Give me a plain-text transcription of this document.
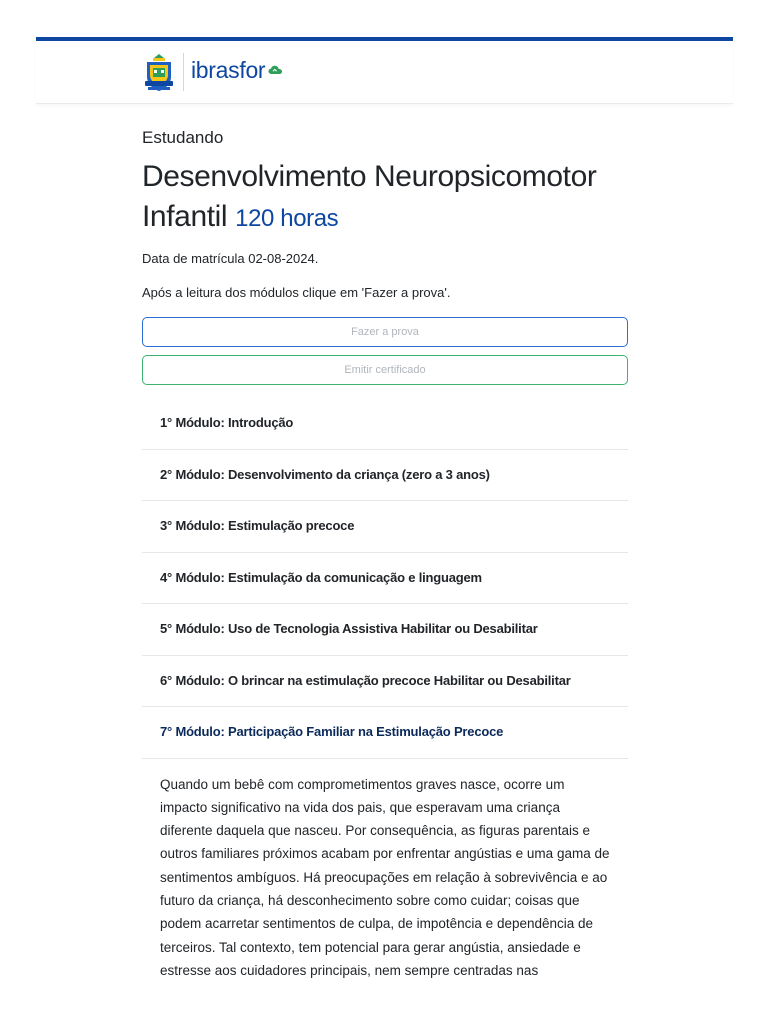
ibrasfor

Estudando

Desenvolvimento Neuropsicomotor Infantil 120 horas

Data de matrícula 02-08-2024.

Após a leitura dos módulos clique em 'Fazer a prova'.

Fazer a prova
Emitir certificado
1° Módulo: Introdução
2° Módulo: Desenvolvimento da criança (zero a 3 anos)
3° Módulo: Estimulação precoce
4° Módulo: Estimulação da comunicação e linguagem
5° Módulo: Uso de Tecnologia Assistiva Habilitar ou Desabilitar
6° Módulo: O brincar na estimulação precoce Habilitar ou Desabilitar
7° Módulo: Participação Familiar na Estimulação Precoce

Quando um bebê com comprometimentos graves nasce, ocorre um impacto significativo na vida dos pais, que esperavam uma criança diferente daquela que nasceu. Por consequência, as figuras parentais e outros familiares próximos acabam por enfrentar angústias e uma gama de sentimentos ambíguos. Há preocupações em relação à sobrevivência e ao futuro da criança, há desconhecimento sobre como cuidar; coisas que podem acarretar sentimentos de culpa, de impotência e dependência de terceiros. Tal contexto, tem potencial para gerar angústia, ansiedade e estresse aos cuidadores principais, nem sempre centradas nas
